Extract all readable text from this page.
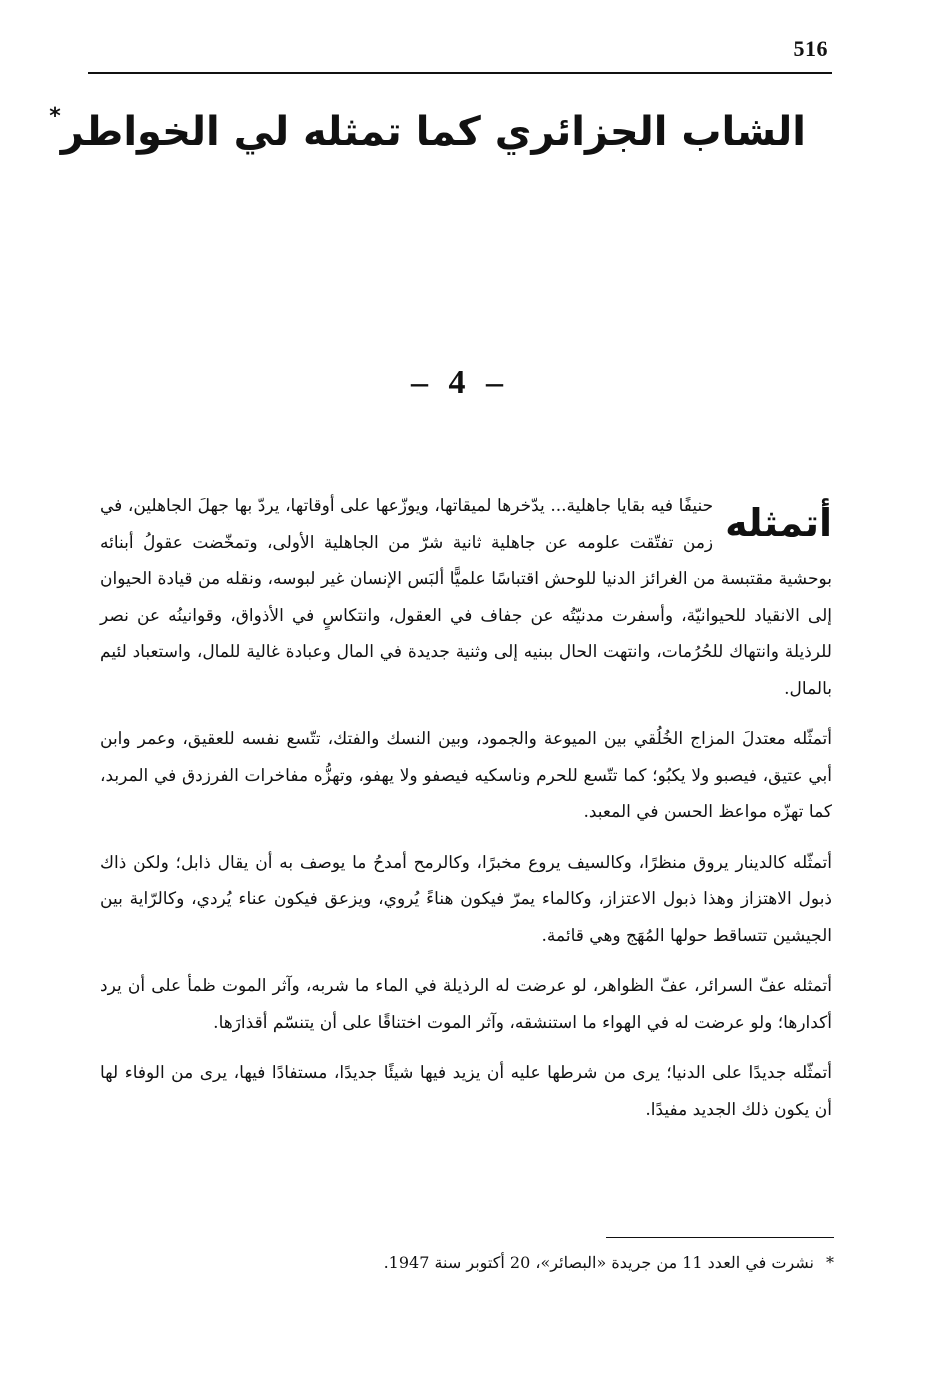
516
الشاب الجزائري كما تمثله لي الخواطر*
– 4 –

أتمثله
حنيفًا فيه بقايا جاهلية... يدّخرها لميقاتها، ويوزّعها على أوقاتها، يردّ بها جهلَ الجاهلين، في زمن تفتّقت علومه عن جاهلية ثانية شرّ من الجاهلية الأولى، وتمخّضت عقولُ أبنائه بوحشية مقتبسة من الغرائز الدنيا للوحش اقتباسًا علميًّا ألبَس الإنسان غير لبوسه، ونقله من قيادة الحيوان إلى الانقياد للحيوانيّة، وأسفرت مدنيّتُه عن جفاف في العقول، وانتكاسٍ في الأذواق، وقوانينُه عن نصر للرذيلة وانتهاك للحُرُمات، وانتهت الحال ببنيه إلى وثنية جديدة في المال وعبادة غالية للمال، واستعباد لئيم بالمال.

أتمثّله معتدلَ المزاج الخُلُقي بين الميوعة والجمود، وبين النسك والفتك، تتّسع نفسه للعقيق، وعمر وابن أبي عتيق، فيصبو ولا يكبُو؛ كما تتّسع للحرم وناسكيه فيصفو ولا يهفو، وتهزُّه مفاخرات الفرزدق في المربد، كما تهزّه مواعظ الحسن في المعبد.

أتمثّله كالدينار يروق منظرًا، وكالسيف يروع مخبرًا، وكالرمح أمدحُ ما يوصف به أن يقال ذابل؛ ولكن ذاك ذبول الاهتزاز وهذا ذبول الاعتزاز، وكالماء يمرّ فيكون هناءً يُروي، ويزعق فيكون عناء يُردي، وكالرّاية بين الجيشين تتساقط حولها المُهَج وهي قائمة.

أتمثله عفّ السرائر، عفّ الظواهر، لو عرضت له الرذيلة في الماء ما شربه، وآثر الموت ظمأ على أن يرد أكدارها؛ ولو عرضت له في الهواء ما استنشقه، وآثر الموت اختناقًا على أن يتنسّم أقذارَها.

أتمثّله جديدًا على الدنيا؛ يرى من شرطها عليه أن يزيد فيها شيئًا جديدًا، مستفادًا فيها، يرى من الوفاء لها أن يكون ذلك الجديد مفيدًا.

*نشرت في العدد 11 من جريدة «البصائر»، 20 أكتوبر سنة 1947.
